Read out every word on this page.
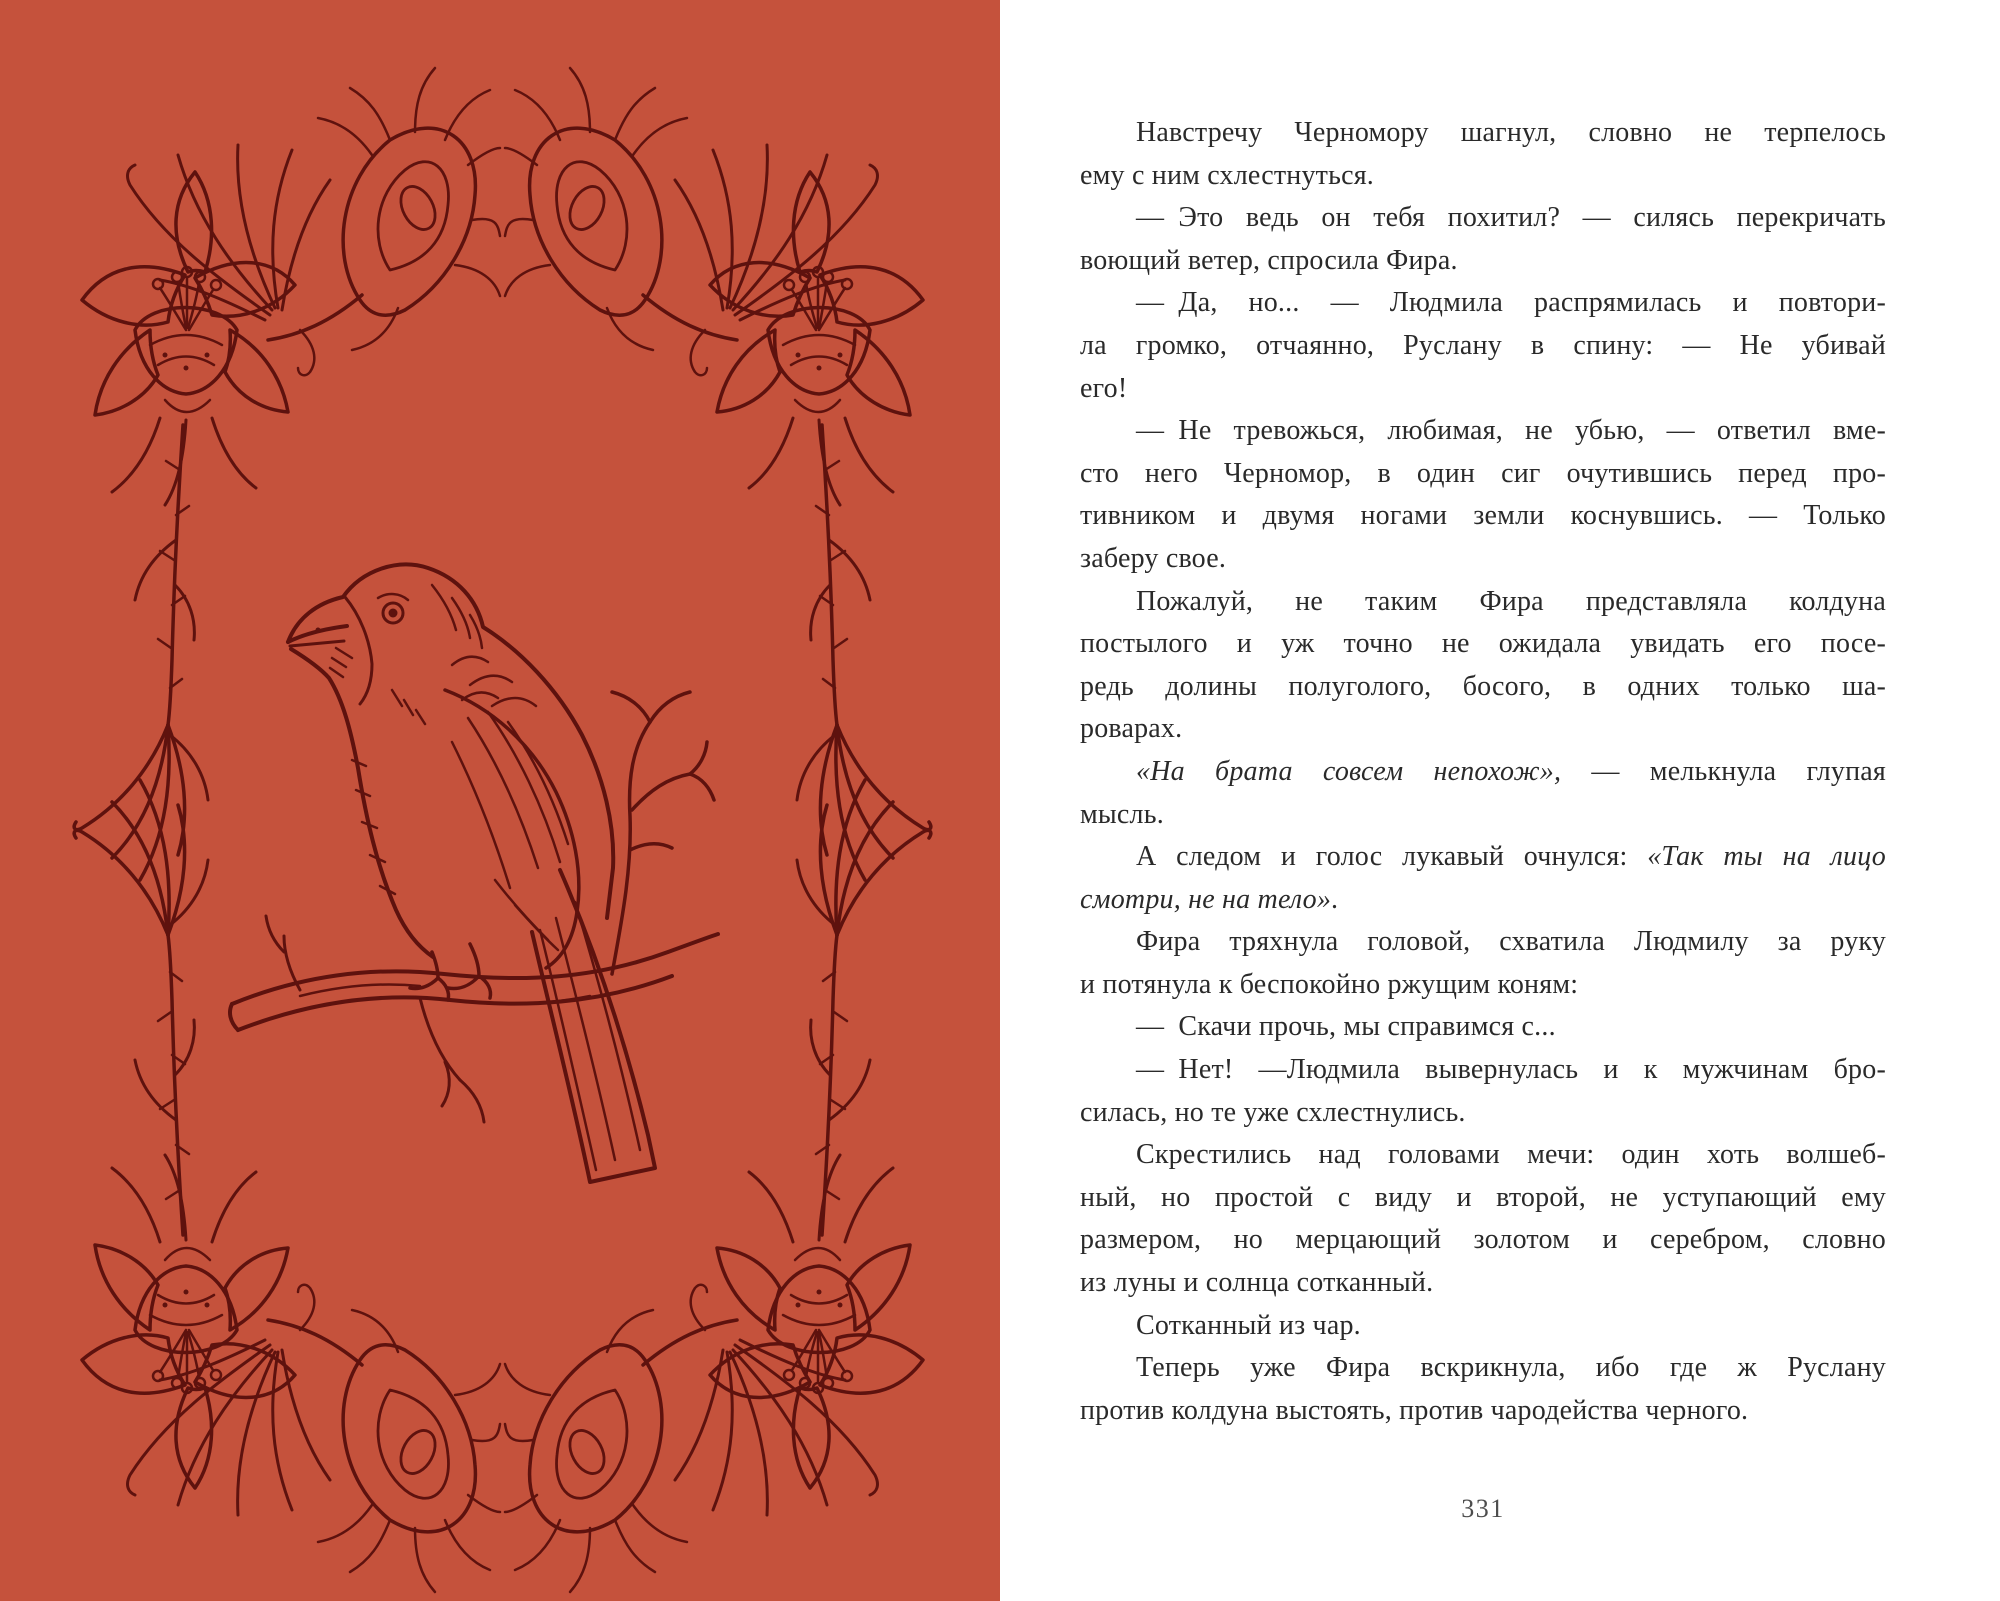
Навстречу Черномору шагнул, словно не терпелось
ему с ним схлестнуться.
— Это ведь он тебя похитил? — силясь перекричать
воющий ветер, спросила Фира.
— Да, но... — Людмила распрямилась и повтори-
ла громко, отчаянно, Руслану в спину: — Не убивай
его!
— Не тревожься, любимая, не убью, — ответил вме-
сто него Черномор, в один сиг очутившись перед про-
тивником и двумя ногами земли коснувшись. — Только
заберу свое.
Пожалуй, не таким Фира представляла колдуна
постылого и уж точно не ожидала увидать его посе-
редь долины полуголого, босого, в одних только ша-
роварах.
«На брата совсем непохож», — мелькнула глупая
мысль.
А следом и голос лукавый очнулся: «Так ты на лицо
смотри, не на тело».
Фира тряхнула головой, схватила Людмилу за руку
и потянула к беспокойно ржущим коням:
— Скачи прочь, мы справимся с...
— Нет! —Людмила вывернулась и к мужчинам бро-
силась, но те уже схлестнулись.
Скрестились над головами мечи: один хоть волшеб-
ный, но простой с виду и второй, не уступающий ему
размером, но мерцающий золотом и серебром, словно
из луны и солнца сотканный.
Сотканный из чар.
Теперь уже Фира вскрикнула, ибо где ж Руслану
против колдуна выстоять, против чародейства черного.
331
